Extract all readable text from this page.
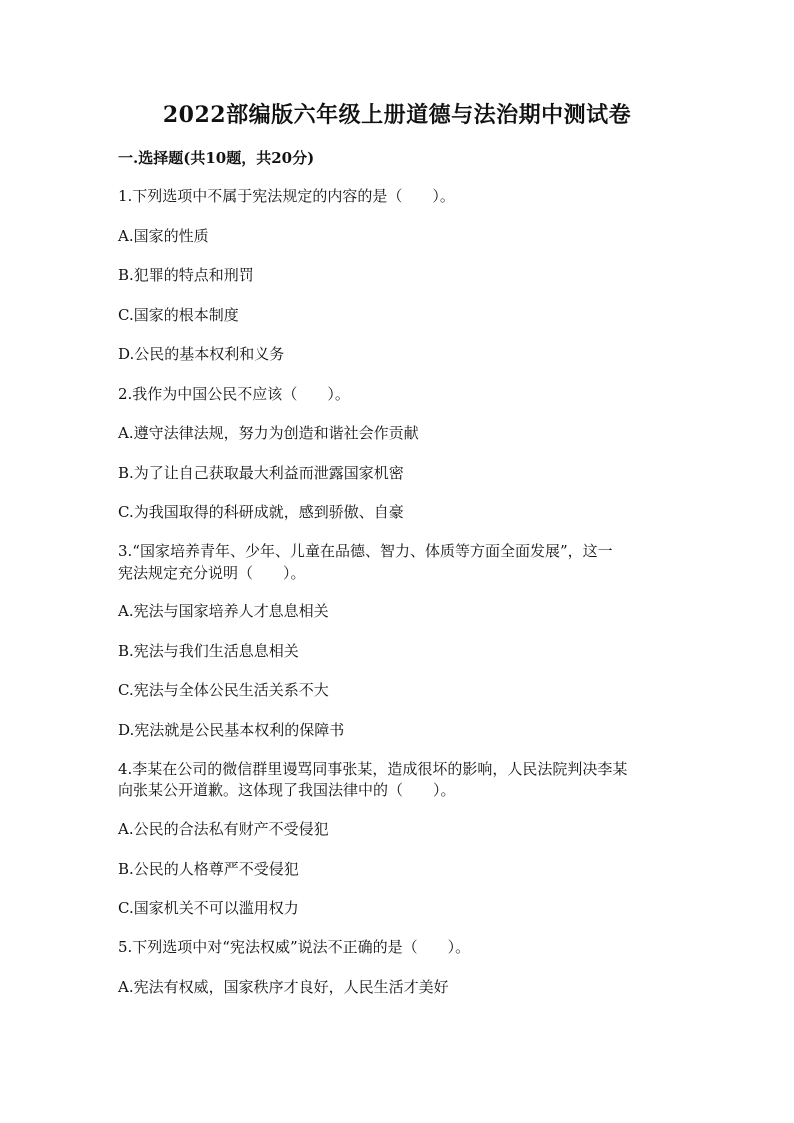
2022部编版六年级上册道德与法治期中测试卷
一.选择题(共10题，共20分)
1.下列选项中不属于宪法规定的内容的是（　　）。
A.国家的性质
B.犯罪的特点和刑罚
C.国家的根本制度
D.公民的基本权利和义务
2.我作为中国公民不应该（　　）。
A.遵守法律法规，努力为创造和谐社会作贡献
B.为了让自己获取最大利益而泄露国家机密
C.为我国取得的科研成就，感到骄傲、自豪
3.“国家培养青年、少年、儿童在品德、智力、体质等方面全面发展”，这一
宪法规定充分说明（　　）。
A.宪法与国家培养人才息息相关
B.宪法与我们生活息息相关
C.宪法与全体公民生活关系不大
D.宪法就是公民基本权利的保障书
4.李某在公司的微信群里谩骂同事张某，造成很坏的影响，人民法院判决李某
向张某公开道歉。这体现了我国法律中的（　　）。
A.公民的合法私有财产不受侵犯
B.公民的人格尊严不受侵犯
C.国家机关不可以滥用权力
5.下列选项中对“宪法权威”说法不正确的是（　　）。
A.宪法有权威，国家秩序才良好，人民生活才美好
